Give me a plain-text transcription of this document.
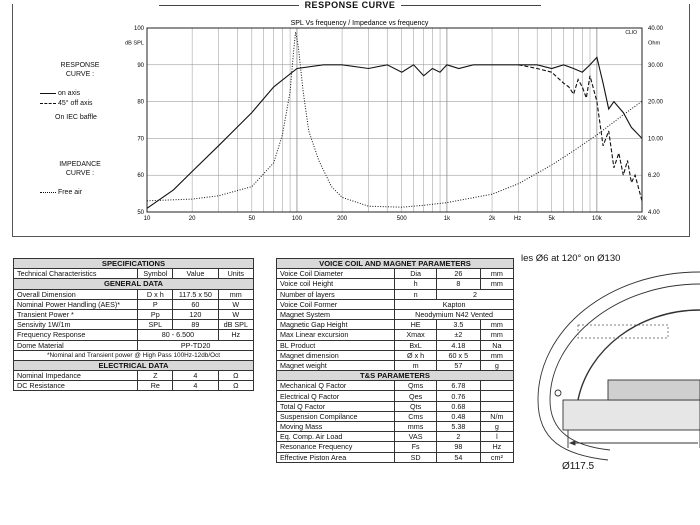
RESPONSE CURVE
RESPONSE
CURVE :
on axis
45° off axis
On IEC baffle
IMPEDANCE
CURVE :
Free air
10	20	50	100	200	500	1k	2k	5k	10k	20k
Hz
50
60
70
80
90
100
dB SPL
4.00
6.20
10.00
20.00
30.00
40.00
Ohm
SPL Vs frequency / Impedance vs frequency
CLIO
SPECIFICATIONS			
Technical Characteristics	Symbol	Value	Units
GENERAL DATA			
Overall Dimension	D x h	117.5 x 50	mm
Nominal Power Handling (AES)*	P	60	W
Transient Power *	Pp	120	W
Sensivity 1W/1m	SPL	89	dB SPL
Frequency Response	80 - 6.500		Hz
Dome Material	PP-TD20		
*Nominal and Transient power @ High Pass 100Hz-12db/Oct			
ELECTRICAL DATA			
Nominal Impedance	Z	4	Ω
DC Resistance	Re	4	Ω
VOICE COIL AND MAGNET PARAMETERS			
Voice Coil Diameter	Dia	26	mm
Voice coil Height	h	8	mm
Number of layers	n	2	
Voice Coil Former	Kapton		
Magnet System	Neodymium N42 Vented		
Magnetic Gap Height	HE	3.5	mm
Max Linear excursion	Xmax	±2	mm
BL Product	BxL	4.18	Na
Magnet dimension	Ø x h	60 x 5	mm
Magnet weight	m	57	g
T&S PARAMETERS			
Mechanical Q Factor	Qms	6.78	
Electrical Q Factor	Qes	0.76	
Total Q Factor	Qts	0.68	
Suspension Compilance	Cms	0.48	N/m
Moving Mass	mms	5.38	g
Eq. Comp. Air Load	VAS	2	l
Resonance Frequency	Fs	98	Hz
Effective Piston Area	SD	54	cm²
les Ø6 at 120° on Ø130
Ø117.5
